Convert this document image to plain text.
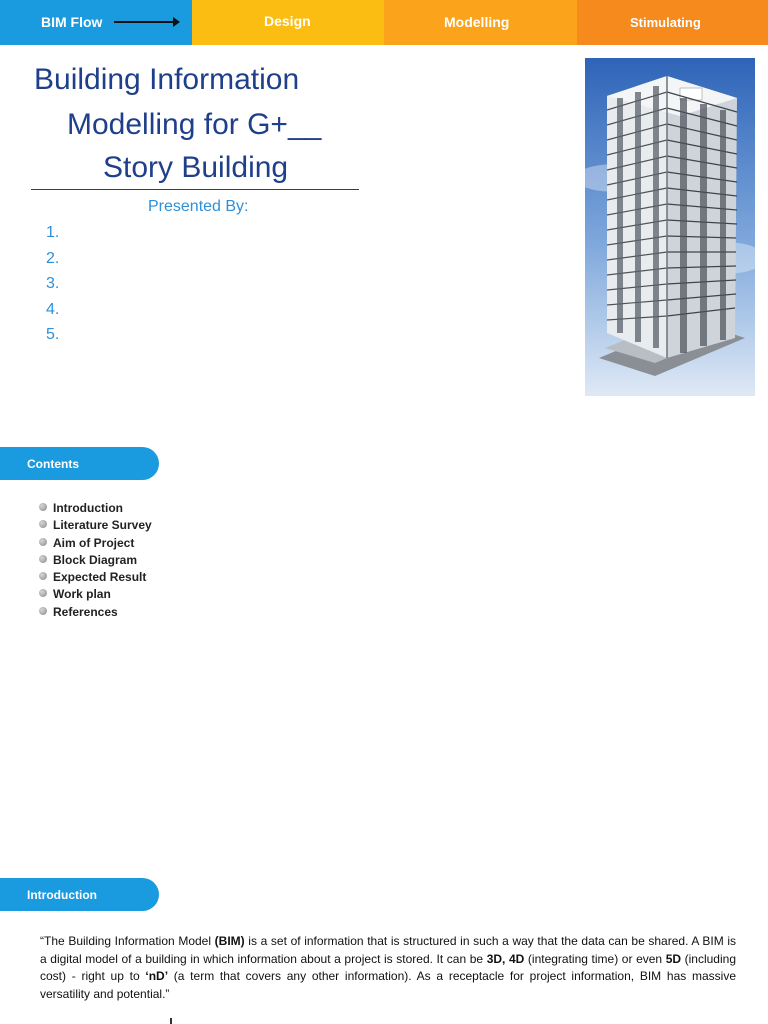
BIM Flow	Design	Modelling	Stimulating
Building Information
Modelling for G+__
Story Building
Presented By:
1.
2.
3.
4.
5.
Contents
Introduction
Literature Survey
Aim of Project
Block Diagram
Expected Result
Work plan
References
Introduction

“The Building Information Model (BIM) is a set of information that is structured in such a way that the data can be shared. A BIM is a digital model of a building in which information about a project is stored. It can be 3D, 4D (integrating time) or even 5D (including cost) - right up to ‘nD’ (a term that covers any other information). As a receptacle for project information, BIM has massive versatility and potential.”
